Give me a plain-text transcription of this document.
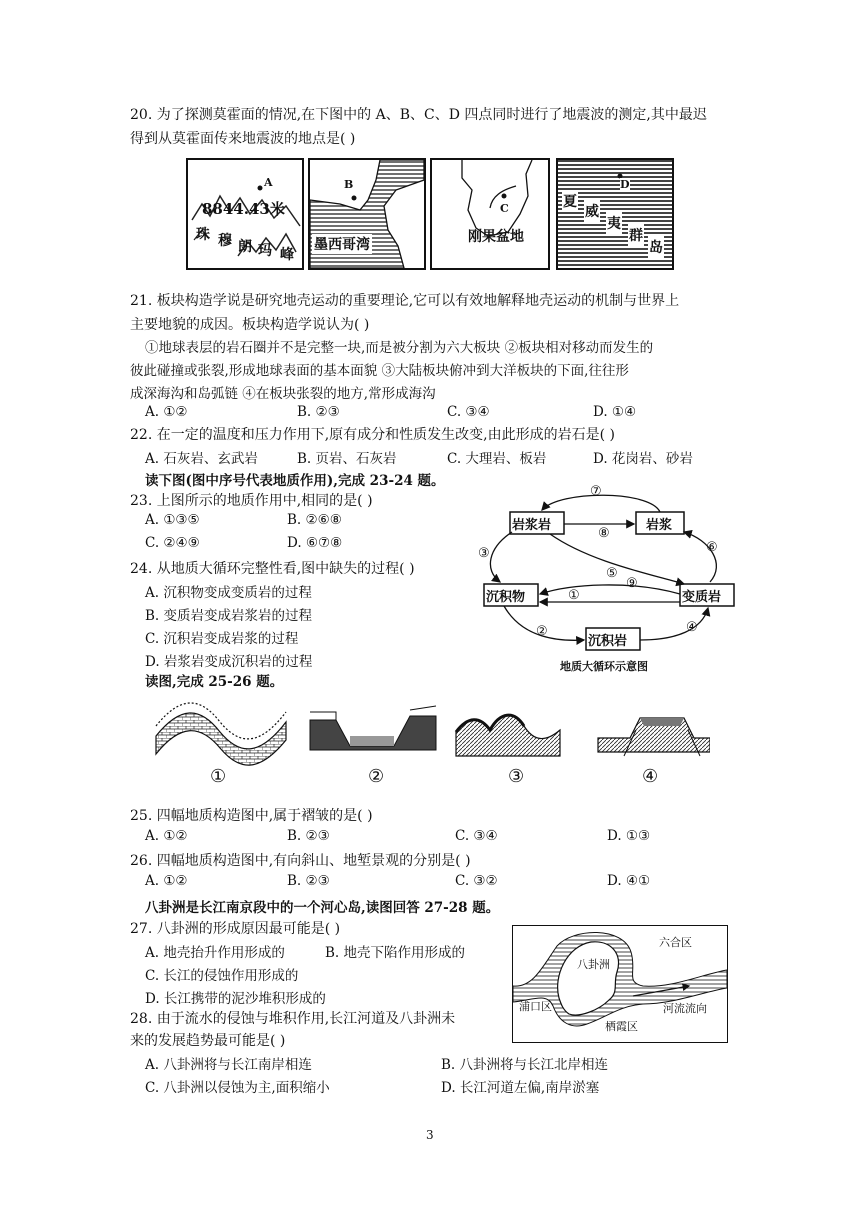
20. 为了探测莫霍面的情况,在下图中的 A、B、C、D 四点同时进行了地震波的测定,其中最迟
得到从莫霍面传来地震波的地点是( )
A
8844.43米
珠 穆 朗 玛 峰
B
墨西哥湾
C
刚果盆地
D
夏
威
夷
群
岛
21. 板块构造学说是研究地壳运动的重要理论,它可以有效地解释地壳运动的机制与世界上
主要地貌的成因。板块构造学说认为( )
①地球表层的岩石圈并不是完整一块,而是被分割为六大板块 ②板块相对移动而发生的
彼此碰撞或张裂,形成地球表面的基本面貌 ③大陆板块俯冲到大洋板块的下面,往往形
成深海沟和岛弧链 ④在板块张裂的地方,常形成海沟
A. ①②	B. ②③	C. ③④	D. ①④
22. 在一定的温度和压力作用下,原有成分和性质发生改变,由此形成的岩石是( )
A. 石灰岩、玄武岩	B. 页岩、石灰岩	C. 大理岩、板岩	D. 花岗岩、砂岩
读下图(图中序号代表地质作用),完成 23-24 题。
23. 上图所示的地质作用中,相同的是( )
A. ①③⑤	B. ②⑥⑧
C. ②④⑨	D. ⑥⑦⑧
24. 从地质大循环完整性看,图中缺失的过程( )
A. 沉积物变成变质岩的过程
B. 变质岩变成岩浆岩的过程
C. 沉积岩变成岩浆的过程
D. 岩浆岩变成沉积岩的过程
岩浆岩	岩浆
沉积物	变质岩
沉积岩
⑦
⑧
③	⑥
⑤
⑨
①
②	④
地质大循环示意图
读图,完成 25-26 题。
①	②	③	④
25. 四幅地质构造图中,属于褶皱的是( )
A. ①②	B. ②③	C. ③④	D. ①③
26. 四幅地质构造图中,有向斜山、地堑景观的分别是( )
A. ①②	B. ②③	C. ③②	D. ④①
八卦洲是长江南京段中的一个河心岛,读图回答 27-28 题。
27. 八卦洲的形成原因最可能是( )
A. 地壳抬升作用形成的	B. 地壳下陷作用形成的
C. 长江的侵蚀作用形成的
D. 长江携带的泥沙堆积形成的
28. 由于流水的侵蚀与堆积作用,长江河道及八卦洲未
来的发展趋势最可能是( )
A. 八卦洲将与长江南岸相连	B. 八卦洲将与长江北岸相连
C. 八卦洲以侵蚀为主,面积缩小	D. 长江河道左偏,南岸淤塞
六合区
八卦洲
浦口区	河流流向
栖霞区
3
